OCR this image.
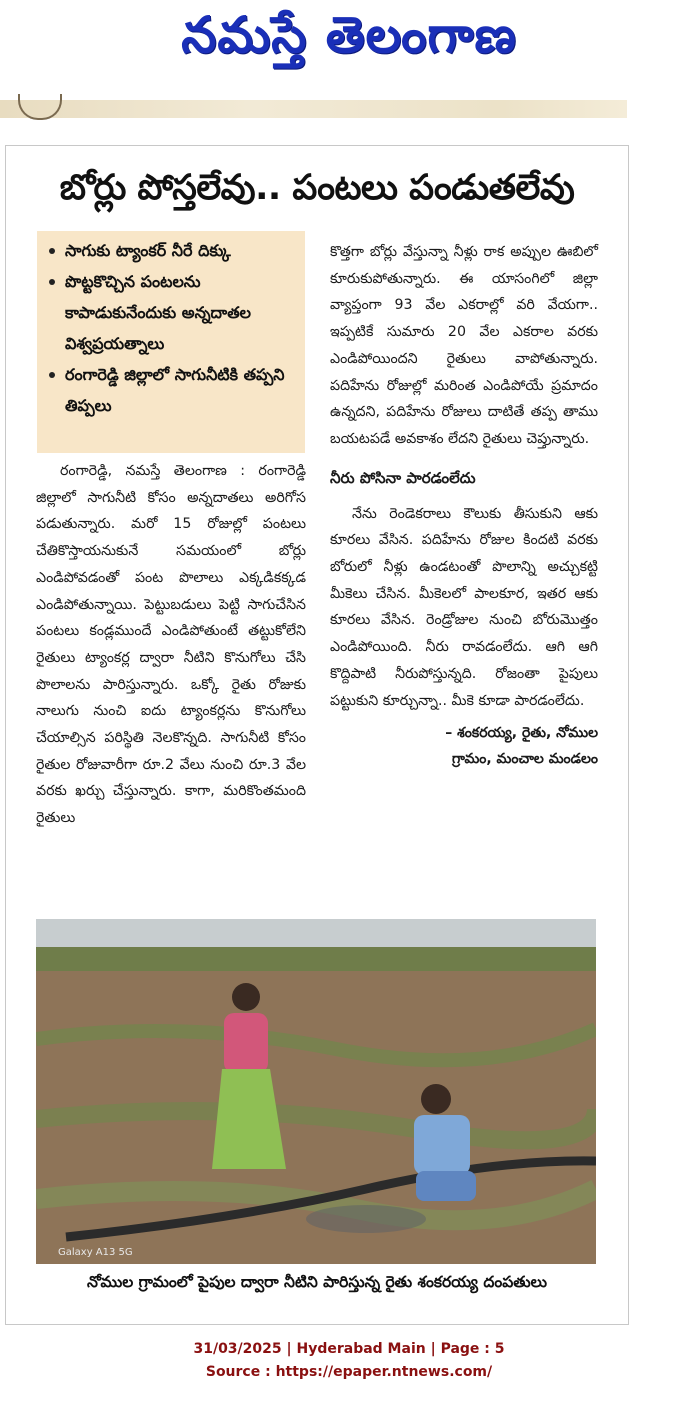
నమస్తే తెలంగాణ
బోర్లు పోస్తలేవు.. పంటలు పండుతలేవు
సాగుకు ట్యాంకర్ నీరే దిక్కు
పొట్టకొచ్చిన పంటలను కాపాడుకునేందుకు అన్నదాతల విశ్వప్రయత్నాలు
రంగారెడ్డి జిల్లాలో సాగునీటికి తప్పని తిప్పలు
రంగారెడ్డి, నమస్తే తెలంగాణ : రంగారెడ్డి జిల్లాలో సాగునీటి కోసం అన్నదాతలు అరిగోస పడుతున్నారు. మరో 15 రోజుల్లో పంటలు చేతికొస్తాయనుకునే సమయంలో బోర్లు ఎండిపోవడంతో పంట పొలాలు ఎక్కడికక్కడ ఎండిపోతున్నాయి. పెట్టుబడులు పెట్టి సాగుచేసిన పంటలు కండ్లముందే ఎండిపోతుంటే తట్టుకోలేని రైతులు ట్యాంకర్ల ద్వారా నీటిని కొనుగోలు చేసి పొలాలను పారిస్తున్నారు. ఒక్కో రైతు రోజుకు నాలుగు నుంచి ఐదు ట్యాంకర్లను కొనుగోలు చేయాల్సిన పరిస్థితి నెలకొన్నది. సాగునీటి కోసం రైతుల రోజువారీగా రూ.2 వేలు నుంచి రూ.3 వేల వరకు ఖర్చు చేస్తున్నారు. కాగా, మరికొంతమంది రైతులు
కొత్తగా బోర్లు వేస్తున్నా నీళ్లు రాక అప్పుల ఊబిలో కూరుకుపోతున్నారు. ఈ యాసంగిలో జిల్లా వ్యాప్తంగా 93 వేల ఎకరాల్లో వరి వేయగా.. ఇప్పటికే సుమారు 20 వేల ఎకరాల వరకు ఎండిపోయిందని రైతులు వాపోతున్నారు. పదిహేను రోజుల్లో మరింత ఎండిపోయే ప్రమాదం ఉన్నదని, పదిహేను రోజులు దాటితే తప్ప తాము బయటపడే అవకాశం లేదని రైతులు చెప్తున్నారు.
నీరు పోసినా పారడంలేదు
నేను రెండెకరాలు కౌలుకు తీసుకుని ఆకు కూరలు వేసిన. పదిహేను రోజుల కిందటి వరకు బోరులో నీళ్లు ఉండటంతో పొలాన్ని అచ్చుకట్టి మీకెలు చేసిన. మీకెలలో పాలకూర, ఇతర ఆకు కూరలు వేసిన. రెండ్రోజుల నుంచి బోరుమొత్తం ఎండిపోయింది. నీరు రావడంలేదు. ఆగి ఆగి కొద్దిపాటి నీరుపోస్తున్నది. రోజంతా పైపులు పట్టుకుని కూర్చున్నా.. మీకె కూడా పారడంలేదు.
– శంకరయ్య, రైతు, నోముల
గ్రామం, మంచాల మండలం
Galaxy A13 5G
నోముల గ్రామంలో పైపుల ద్వారా నీటిని పారిస్తున్న రైతు శంకరయ్య దంపతులు
31/03/2025 | Hyderabad Main | Page : 5
Source : https://epaper.ntnews.com/
